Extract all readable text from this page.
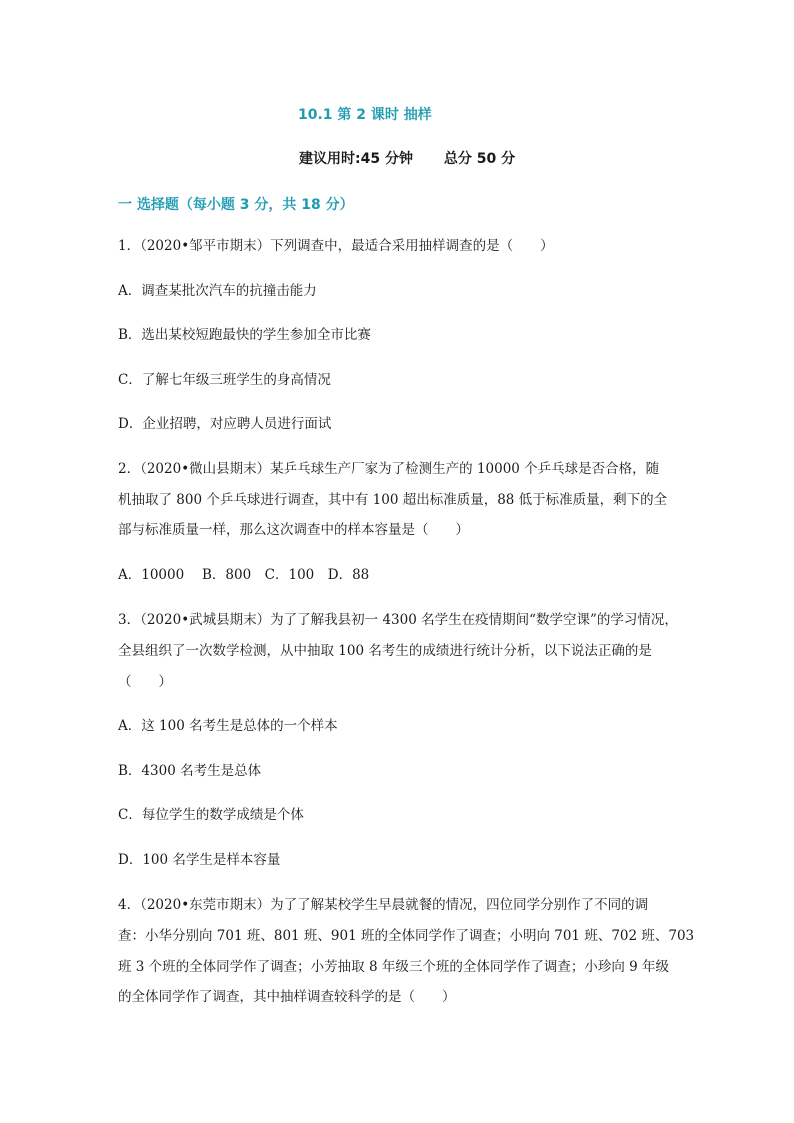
10.1 第 2 课时 抽样
建议用时:45 分钟 总分 50 分
一 选择题（每小题 3 分，共 18 分）
1．（2020•邹平市期末）下列调查中，最适合采用抽样调查的是（　　）
A．调查某批次汽车的抗撞击能力
B．选出某校短跑最快的学生参加全市比赛
C．了解七年级三班学生的身高情况
D．企业招聘，对应聘人员进行面试
2．（2020•微山县期末）某乒乓球生产厂家为了检测生产的 10000 个乒乓球是否合格，随
机抽取了 800 个乒乓球进行调查，其中有 100 超出标准质量，88 低于标准质量，剩下的全
部与标准质量一样，那么这次调查中的样本容量是（　　）
A．10000　 B．800　C．100　D．88
3．（2020•武城县期末）为了了解我县初一 4300 名学生在疫情期间“数学空课”的学习情况，
全县组织了一次数学检测，从中抽取 100 名考生的成绩进行统计分析，以下说法正确的是
（　　）
A．这 100 名考生是总体的一个样本
B．4300 名考生是总体
C．每位学生的数学成绩是个体
D．100 名学生是样本容量
4．（2020•东莞市期末）为了了解某校学生早晨就餐的情况，四位同学分别作了不同的调
查：小华分别向 701 班、801 班、901 班的全体同学作了调查；小明向 701 班、702 班、703
班 3 个班的全体同学作了调查；小芳抽取 8 年级三个班的全体同学作了调查；小珍向 9 年级
的全体同学作了调查，其中抽样调查较科学的是（　　）
